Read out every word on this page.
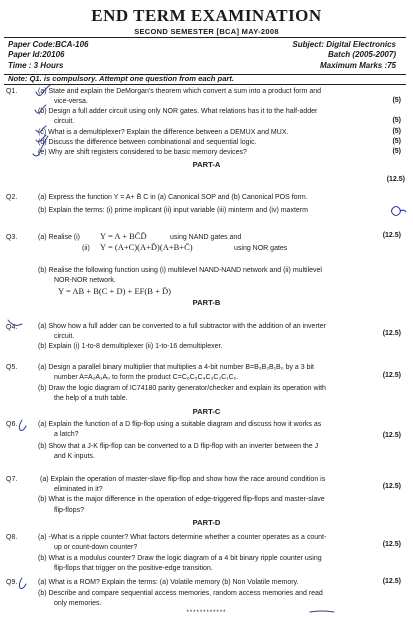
END TERM EXAMINATION
SECOND SEMESTER [BCA] MAY-2008
Paper Code:BCA-106	Subject: Digital Electronics
Paper Id:20106	Batch (2005-2007)
Time : 3 Hours	Maximum Marks :75
Note: Q1. is compulsory. Attempt one question from each part.
Q1.	(a) State and explain the DeMorgan's theorem which convert a sum into a product form and
vice-versa.	(5)
(b) Design a full adder circuit using only NOR gates. What relations has it to the half-adder
circuit.	(5)
(c) What is a demultiplexer? Explain the difference between a DEMUX and MUX.	(5)
(d) Discuss the difference between combinational and sequential logic.	(5)
(e) Why are shift registers considered to be basic memory devices?	(5)
PART-A
(12.5)
Q2.	(a) Express the function Y = A+ B̄ C in (a) Canonical SOP and (b) Canonical POS form.
(b) Explain the terms: (i) prime implicant (ii) input variable (iii) minterm and (iv) maxterm
Q3.	(a) Realise (i) Y = A + BC̄D̄	using NAND gates and	(12.5)
(ii) Y = (A+C)(A+D̄)(A+B+C̄)	using NOR gates
(b) Realise the following function using (i) multilevel NAND-NAND network and (ii) multilevel
NOR-NOR network.
Y = AB + B(C + D) + EF(B + D̄)
PART-B
Q4.	(a) Show how a full adder can be converted to a full subtractor with the addition of an inverter
circuit.	(12.5)
(b) Explain (i) 1-to-8 demultiplexer (ii) 1-to-16 demultiplexer.
Q5.	(a) Design a parallel binary multiplier that multiplies a 4-bit number B=B₃B₂B₁B₀ by a 3 bit
number A=A₂A₁A₀ to form the product C=C₆C₅C₄C₃C₂C₁C₀.	(12.5)
(b) Draw the logic diagram of IC74180 parity generator/checker and explain its operation with
the help of a truth table.
PART-C
Q6.	(a) Explain the function of a D flip-flop using a suitable diagram and discuss how it works as
a latch?	(12.5)
(b) Show that a J-K flip-flop can be converted to a D flip-flop with an inverter between the J
and K inputs.
Q7.	(a) Explain the operation of master-slave flip-flop and show how the race around condition is
eliminated in it?	(12.5)
(b) What is the major difference in the operation of edge-triggered flip-flops and master-slave
flip-flops?
PART-D
Q8.	(a) -What is a ripple counter? What factors determine whether a counter operates as a count-
up or count-down counter?	(12.5)
(b) What is a modulus counter? Draw the logic diagram of a 4 bit binary ripple counter using
flip-flops that trigger on the positive-edge transition.
Q9.	(a) What is a ROM? Explain the terms: (a) Volatile memory (b) Non Volatile memory.	(12.5)
(b) Describe and compare sequential access memories, random access memories and read
only memories.
************
